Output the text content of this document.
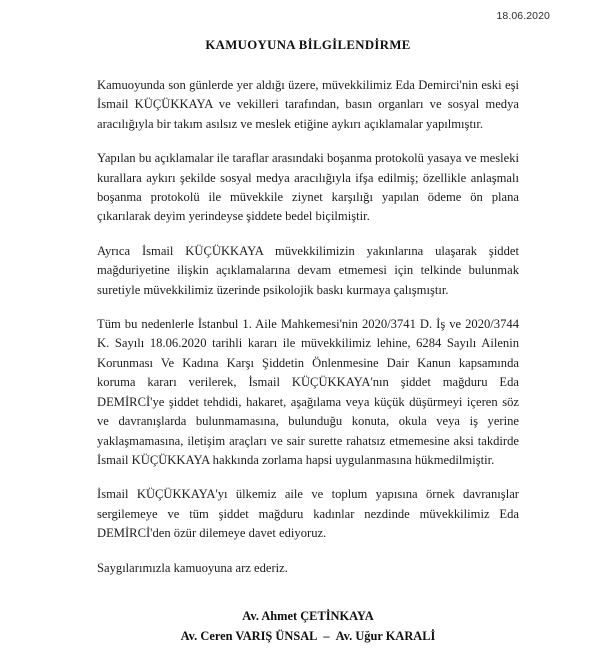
18.06.2020
KAMUOYUNA BİLGİLENDİRME

Kamuoyunda son günlerde yer aldığı üzere, müvekkilimiz Eda Demirci'nin eski eşi İsmail KÜÇÜKKAYA ve vekilleri tarafından, basın organları ve sosyal medya aracılığıyla bir takım asılsız ve meslek etiğine aykırı açıklamalar yapılmıştır.

Yapılan bu açıklamalar ile taraflar arasındaki boşanma protokolü yasaya ve mesleki kurallara aykırı şekilde sosyal medya aracılığıyla ifşa edilmiş; özellikle anlaşmalı boşanma protokolü ile müvekkile ziynet karşılığı yapılan ödeme ön plana çıkarılarak deyim yerindeyse şiddete bedel biçilmiştir.

Ayrıca İsmail KÜÇÜKKAYA müvekkilimizin yakınlarına ulaşarak şiddet mağduriyetine ilişkin açıklamalarına devam etmemesi için telkinde bulunmak suretiyle müvekkilimiz üzerinde psikolojik baskı kurmaya çalışmıştır.

Tüm bu nedenlerle İstanbul 1. Aile Mahkemesi'nin 2020/3741 D. İş ve 2020/3744 K. Sayılı 18.06.2020 tarihli kararı ile müvekkilimiz lehine, 6284 Sayılı Ailenin Korunması Ve Kadına Karşı Şiddetin Önlenmesine Dair Kanun kapsamında koruma kararı verilerek, İsmail KÜÇÜKKAYA'nın şiddet mağduru Eda DEMİRCİ'ye şiddet tehdidi, hakaret, aşağılama veya küçük düşürmeyi içeren söz ve davranışlarda bulunmamasına, bulunduğu konuta, okula veya iş yerine yaklaşmamasına, iletişim araçları ve sair surette rahatsız etmemesine aksi takdirde İsmail KÜÇÜKKAYA hakkında zorlama hapsi uygulanmasına hükmedilmiştir.

İsmail KÜÇÜKKAYA'yı ülkemiz aile ve toplum yapısına örnek davranışlar sergilemeye ve tüm şiddet mağduru kadınlar nezdinde müvekkilimiz Eda DEMİRCİ'den özür dilemeye davet ediyoruz.

Saygılarımızla kamuoyuna arz ederiz.

Av. Ahmet ÇETİNKAYA
Av. Ceren VARIŞ ÜNSAL – Av. Uğur KARALİ
